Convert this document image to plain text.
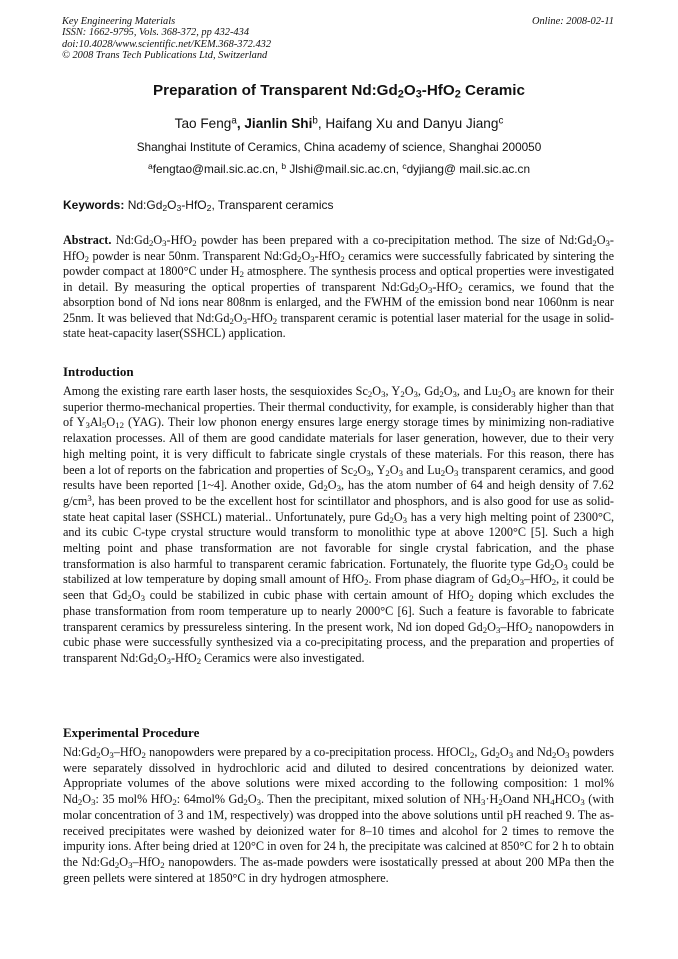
Key Engineering Materials
ISSN: 1662-9795, Vols. 368-372, pp 432-434
doi:10.4028/www.scientific.net/KEM.368-372.432
© 2008 Trans Tech Publications Ltd, Switzerland
Online: 2008-02-11
Preparation of Transparent $Nd:Gd_2O_3-HfO_2$ Ceramic
Tao Feng$^a$, Jianlin Shi$^b$, Haifang Xu and Danyu Jiang$^c$
Shanghai Institute of Ceramics, China academy of science, Shanghai 200050
$^a$fengtao@mail.sic.ac.cn, $^b$ Jlshi@mail.sic.ac.cn, $^c$dyjiang@ mail.sic.ac.cn
Keywords: $Nd:Gd_2O_3-HfO_2$, Transparent ceramics

Abstract. $Nd:Gd_2O_3-HfO_2$ powder has been prepared with a co-precipitation method. The size of $Nd:Gd_2O_3-HfO_2$ powder is near 50nm. Transparent $Nd:Gd_2O_3-HfO_2$ ceramics were successfully fabricated by sintering the powder compact at 1800°C under $H_2$ atmosphere. The synthesis process and optical properties were investigated in detail. By measuring the optical properties of transparent $Nd:Gd_2O_3-HfO_2$ ceramics, we found that the absorption bond of Nd ions near 808nm is enlarged, and the FWHM of the emission bond near 1060nm is near 25nm. It was believed that $Nd:Gd_2O_3-HfO_2$ transparent ceramic is potential laser material for the usage in solid-state heat-capacity laser(SSHCL) application.

Introduction

Among the existing rare earth laser hosts, the sesquioxides $Sc_2O_3$, $Y_2O_3$, $Gd_2O_3$, and $Lu_2O_3$ are known for their superior thermo-mechanical properties. Their thermal conductivity, for example, is considerably higher than that of $Y_3Al_5O_{12}$ (YAG). Their low phonon energy ensures large energy storage times by minimizing non-radiative relaxation processes. All of them are good candidate materials for laser generation, however, due to their very high melting point, it is very difficult to fabricate single crystals of these materials. For this reason, there has been a lot of reports on the fabrication and properties of $Sc_2O_3$, $Y_2O_3$ and $Lu_2O_3$ transparent ceramics, and good results have been reported [1~4]. Another oxide, $Gd_2O_3$, has the atom number of 64 and heigh density of 7.62 $g/cm^3$, has been proved to be the excellent host for scintillator and phosphors, and is also good for use as solid-state heat capital laser (SSHCL) material.. Unfortunately, pure $Gd_2O_3$ has a very high melting point of 2300°C, and its cubic C-type crystal structure would transform to monolithic type at above 1200°C [5]. Such a high melting point and phase transformation are not favorable for single crystal fabrication, and the phase transformation is also harmful to transparent ceramic fabrication. Fortunately, the fluorite type $Gd_2O_3$ could be stabilized at low temperature by doping small amount of HfO$_2$. From phase diagram of $Gd_2O_3-HfO_2$, it could be seen that $Gd_2O_3$ could be stabilized in cubic phase with certain amount of HfO$_2$ doping which excludes the phase transformation from room temperature up to nearly 2000°C [6]. Such a feature is favorable to fabricate transparent ceramics by pressureless sintering. In the present work, Nd ion doped $Gd_2O_3-HfO_2$ nanopowders in cubic phase were successfully synthesized via a co-precipitating process, and the preparation and properties of transparent $Nd:Gd_2O_3-HfO_2$ Ceramics were also investigated.

Experimental Procedure

$Nd:Gd_2O_3-HfO_2$ nanopowders were prepared by a co-precipitation process. HfOCl$_2$, $Gd_2O_3$ and $Nd_2O_3$ powders were separately dissolved in hydrochloric acid and diluted to desired concentrations by deionized water. Appropriate volumes of the above solutions were mixed according to the following composition: 1 mol% $Nd_2O_3$: 35 mol% HfO$_2$: 64mol% $Gd_2O_3$. Then the precipitant, mixed solution of $NH_3\cdot H_2Oand$ $NH_4HCO_3$ (with molar concentration of 3 and 1M, respectively) was dropped into the above solutions until pH reached 9. The as-received precipitates were washed by deionized water for 8–10 times and alcohol for 2 times to remove the impurity ions. After being dried at 120°C in oven for 24 h, the precipitate was calcined at 850°C for 2 h to obtain the $Nd:Gd_2O_3-HfO_2$ nanopowders. The as-made powders were isostatically pressed at about 200 MPa then the green pellets were sintered at 1850°C in dry hydrogen atmosphere.
